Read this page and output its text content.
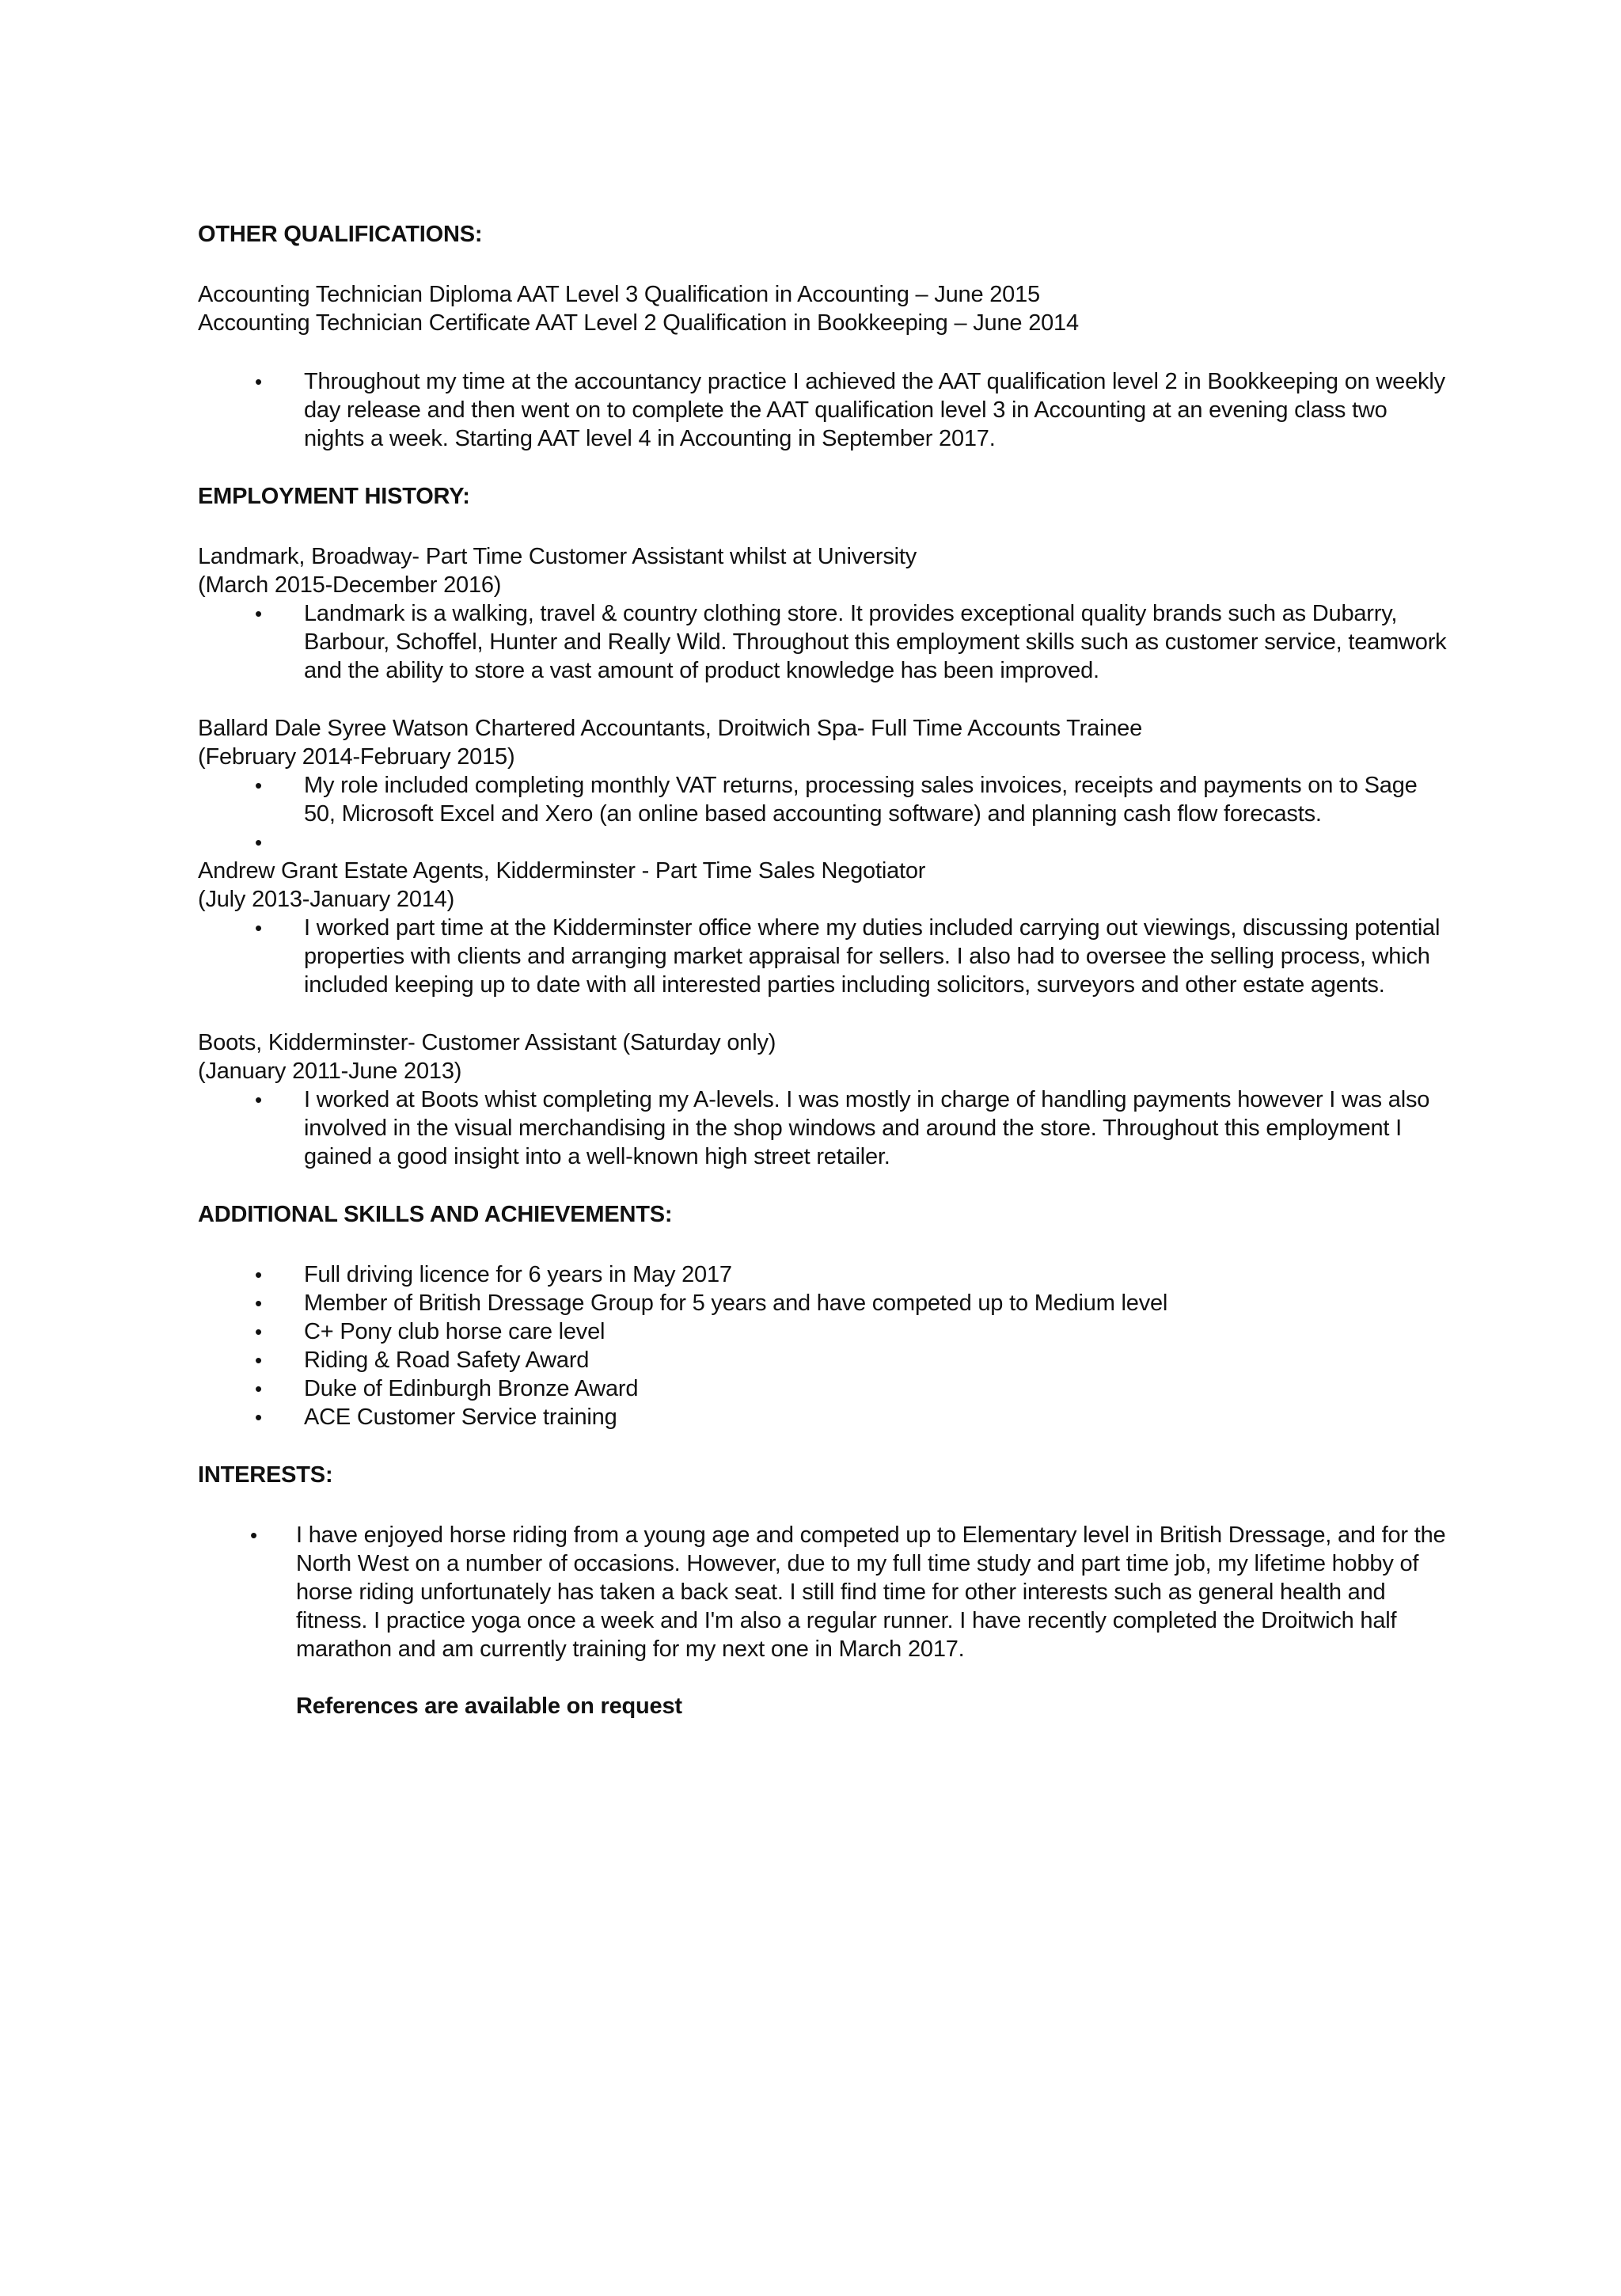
OTHER QUALIFICATIONS:

Accounting Technician Diploma AAT Level 3 Qualification in Accounting – June 2015

Accounting Technician Certificate AAT Level 2 Qualification in Bookkeeping – June 2014

• Throughout my time at the accountancy practice I achieved the AAT qualification level 2 in Bookkeeping on weekly day release and then went on to complete the AAT qualification level 3 in Accounting at an evening class two nights a week. Starting AAT level 4 in Accounting in September 2017.

EMPLOYMENT HISTORY:

Landmark, Broadway- Part Time Customer Assistant whilst at University

(March 2015-December 2016)

• Landmark is a walking, travel & country clothing store. It provides exceptional quality brands such as Dubarry, Barbour, Schoffel, Hunter and Really Wild. Throughout this employment skills such as customer service, teamwork and the ability to store a vast amount of product knowledge has been improved.

Ballard Dale Syree Watson Chartered Accountants, Droitwich Spa- Full Time Accounts Trainee

(February 2014-February 2015)

• My role included completing monthly VAT returns, processing sales invoices, receipts and payments on to Sage 50, Microsoft Excel and Xero (an online based accounting software) and planning cash flow forecasts.
•

Andrew Grant Estate Agents, Kidderminster - Part Time Sales Negotiator

(July 2013-January 2014)

• I worked part time at the Kidderminster office where my duties included carrying out viewings, discussing potential properties with clients and arranging market appraisal for sellers. I also had to oversee the selling process, which included keeping up to date with all interested parties including solicitors, surveyors and other estate agents.

Boots, Kidderminster- Customer Assistant (Saturday only)

(January 2011-June 2013)

• I worked at Boots whist completing my A-levels. I was mostly in charge of handling payments however I was also involved in the visual merchandising in the shop windows and around the store. Throughout this employment I gained a good insight into a well-known high street retailer.

ADDITIONAL SKILLS AND ACHIEVEMENTS:

• Full driving licence for 6 years in May 2017
• Member of British Dressage Group for 5 years and have competed up to Medium level
• C+ Pony club horse care level
• Riding & Road Safety Award
• Duke of Edinburgh Bronze Award
• ACE Customer Service training

INTERESTS:

• I have enjoyed horse riding from a young age and competed up to Elementary level in British Dressage, and for the North West on a number of occasions. However, due to my full time study and part time job, my lifetime hobby of horse riding unfortunately has taken a back seat. I still find time for other interests such as general health and fitness. I practice yoga once a week and I'm also a regular runner. I have recently completed the Droitwich half marathon and am currently training for my next one in March 2017.

References are available on request
